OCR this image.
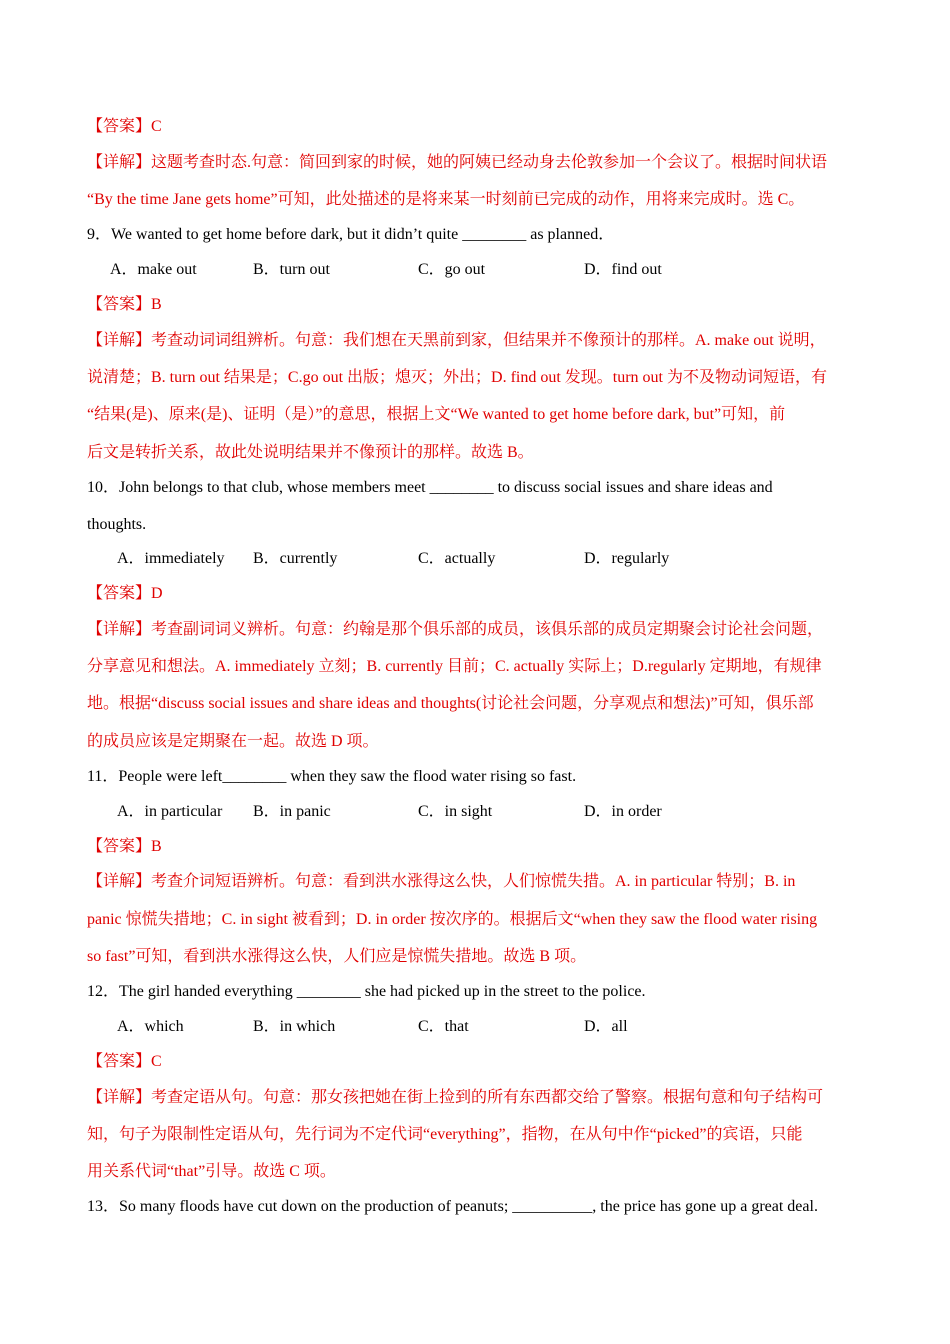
【答案】C
【详解】这题考查时态.句意：简回到家的时候，她的阿姨已经动身去伦敦参加一个会议了。根据时间状语
“By the time Jane gets home”可知，此处描述的是将来某一时刻前已完成的动作，用将来完成时。选 C。
9．We wanted to get home before dark, but it didn’t quite ________ as planned．
A．make out	B．turn out	C．go out	D．find out
【答案】B
【详解】考查动词词组辨析。句意：我们想在天黑前到家，但结果并不像预计的那样。A. make out 说明，
说清楚；B. turn out 结果是；C.go out 出版；熄灭；外出；D. find out 发现。turn out 为不及物动词短语，有
“结果(是)、原来(是)、证明（是）”的意思，根据上文“We wanted to get home before dark, but”可知，前
后文是转折关系，故此处说明结果并不像预计的那样。故选 B。
10．John belongs to that club, whose members meet ________ to discuss social issues and share ideas and
thoughts.
A．immediately B．currently	C．actually	D．regularly
【答案】D
【详解】考查副词词义辨析。句意：约翰是那个俱乐部的成员，该俱乐部的成员定期聚会讨论社会问题，
分享意见和想法。A. immediately 立刻；B. currently 目前；C. actually 实际上；D.regularly 定期地，有规律
地。根据“discuss social issues and share ideas and thoughts(讨论社会问题，分享观点和想法)”可知，俱乐部
的成员应该是定期聚在一起。故选 D 项。
11．People were left________ when they saw the flood water rising so fast.
A．in particular B．in panic	C．in sight	D．in order
【答案】B
【详解】考查介词短语辨析。句意：看到洪水涨得这么快，人们惊慌失措。A. in particular 特别；B. in
panic 惊慌失措地；C. in sight 被看到；D. in order 按次序的。根据后文“when they saw the flood water rising
so fast”可知，看到洪水涨得这么快，人们应是惊慌失措地。故选 B 项。
12．The girl handed everything ________ she had picked up in the street to the police.
A．which	B．in which	C．that	D．all
【答案】C
【详解】考查定语从句。句意：那女孩把她在街上捡到的所有东西都交给了警察。根据句意和句子结构可
知，句子为限制性定语从句，先行词为不定代词“everything”，指物，在从句中作“picked”的宾语，只能
用关系代词“that”引导。故选 C 项。
13．So many floods have cut down on the production of peanuts; __________, the price has gone up a great deal.
